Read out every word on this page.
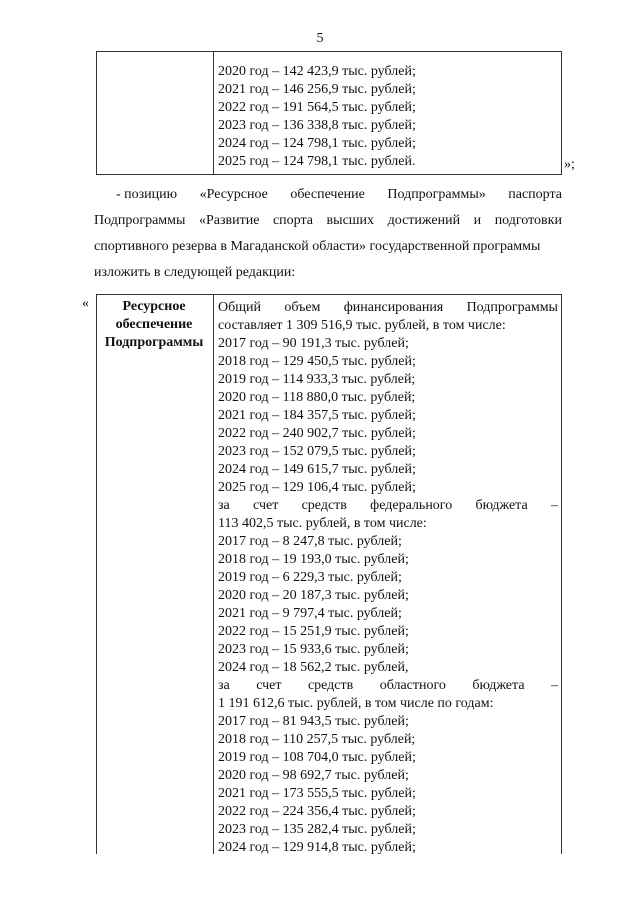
5
2020 год – 142 423,9 тыс. рублей;
2021 год – 146 256,9 тыс. рублей;
2022 год – 191 564,5 тыс. рублей;
2023 год – 136 338,8 тыс. рублей;
2024 год – 124 798,1 тыс. рублей;
2025 год – 124 798,1 тыс. рублей.	»;
- позицию «Ресурсное обеспечение Подпрограммы» паспорта
Подпрограммы «Развитие спорта высших достижений и подготовки
спортивного резерва в Магаданской области» государственной программы
изложить в следующей редакции:
«	Ресурсное
обеспечение
Подпрограммы
Общий объем финансирования Подпрограммы
составляет 1 309 516,9 тыс. рублей, в том числе:
2017 год – 90 191,3 тыс. рублей;
2018 год – 129 450,5 тыс. рублей;
2019 год – 114 933,3 тыс. рублей;
2020 год – 118 880,0 тыс. рублей;
2021 год – 184 357,5 тыс. рублей;
2022 год – 240 902,7 тыс. рублей;
2023 год – 152 079,5 тыс. рублей;
2024 год – 149 615,7 тыс. рублей;
2025 год – 129 106,4 тыс. рублей;
за счет средств федерального бюджета –
113 402,5 тыс. рублей, в том числе:
2017 год – 8 247,8 тыс. рублей;
2018 год – 19 193,0 тыс. рублей;
2019 год – 6 229,3 тыс. рублей;
2020 год – 20 187,3 тыс. рублей;
2021 год – 9 797,4 тыс. рублей;
2022 год – 15 251,9 тыс. рублей;
2023 год – 15 933,6 тыс. рублей;
2024 год – 18 562,2 тыс. рублей,
за счет средств областного бюджета –
1 191 612,6 тыс. рублей, в том числе по годам:
2017 год – 81 943,5 тыс. рублей;
2018 год – 110 257,5 тыс. рублей;
2019 год – 108 704,0 тыс. рублей;
2020 год – 98 692,7 тыс. рублей;
2021 год – 173 555,5 тыс. рублей;
2022 год – 224 356,4 тыс. рублей;
2023 год – 135 282,4 тыс. рублей;
2024 год – 129 914,8 тыс. рублей;
